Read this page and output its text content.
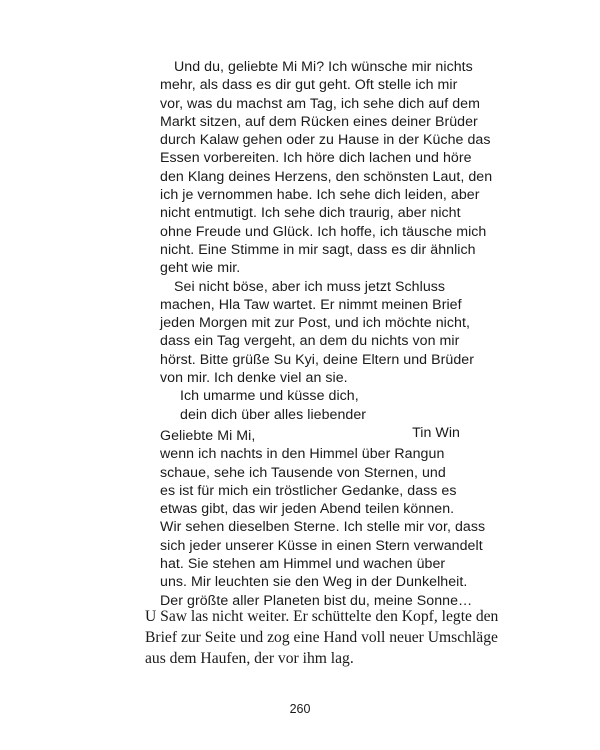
Und du, geliebte Mi Mi? Ich wünsche mir nichts
mehr, als dass es dir gut geht. Oft stelle ich mir
vor, was du machst am Tag, ich sehe dich auf dem
Markt sitzen, auf dem Rücken eines deiner Brüder
durch Kalaw gehen oder zu Hause in der Küche das
Essen vorbereiten. Ich höre dich lachen und höre
den Klang deines Herzens, den schönsten Laut, den
ich je vernommen habe. Ich sehe dich leiden, aber
nicht entmutigt. Ich sehe dich traurig, aber nicht
ohne Freude und Glück. Ich hoffe, ich täusche mich
nicht. Eine Stimme in mir sagt, dass es dir ähnlich
geht wie mir.
Sei nicht böse, aber ich muss jetzt Schluss
machen, Hla Taw wartet. Er nimmt meinen Brief
jeden Morgen mit zur Post, und ich möchte nicht,
dass ein Tag vergeht, an dem du nichts von mir
hörst. Bitte grüße Su Kyi, deine Eltern und Brüder
von mir. Ich denke viel an sie.
Ich umarme und küsse dich,
dein dich über alles liebender
Tin Win
Geliebte Mi Mi,
wenn ich nachts in den Himmel über Rangun
schaue, sehe ich Tausende von Sternen, und
es ist für mich ein tröstlicher Gedanke, dass es
etwas gibt, das wir jeden Abend teilen können.
Wir sehen dieselben Sterne. Ich stelle mir vor, dass
sich jeder unserer Küsse in einen Stern verwandelt
hat. Sie stehen am Himmel und wachen über
uns. Mir leuchten sie den Weg in der Dunkelheit.
Der größte aller Planeten bist du, meine Sonne…
U Saw las nicht weiter. Er schüttelte den Kopf, legte den
Brief zur Seite und zog eine Hand voll neuer Umschläge
aus dem Haufen, der vor ihm lag.
260
